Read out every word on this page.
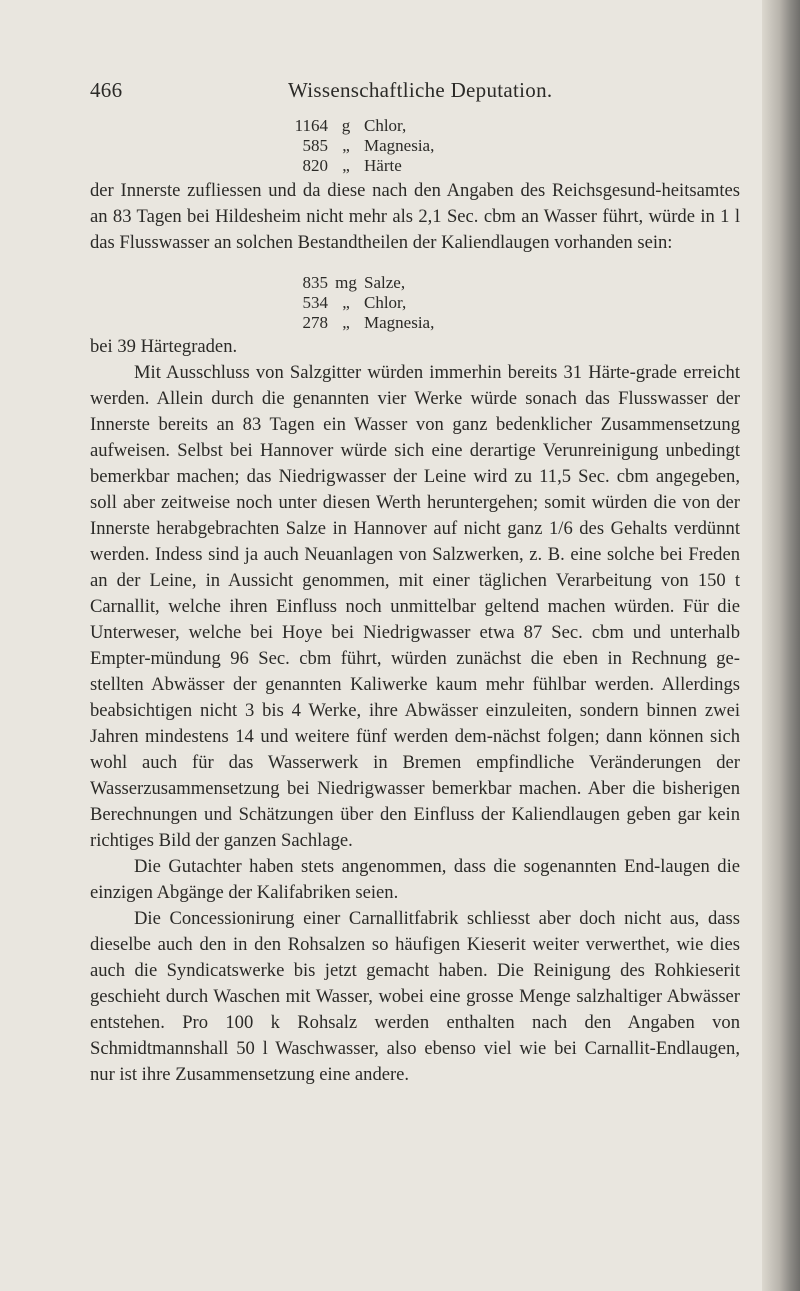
466	Wissenschaftliche Deputation.
1164 g Chlor,
585 „ Magnesia,
820 „ Härte

der Innerste zufliessen und da diese nach den Angaben des Reichsgesund-heitsamtes an 83 Tagen bei Hildesheim nicht mehr als 2,1 Sec. cbm an Wasser führt, würde in 1 l das Flusswasser an solchen Bestandtheilen der Kaliendlaugen vorhanden sein:

835 mg Salze,
534 „ Chlor,
278 „ Magnesia,

bei 39 Härtegraden.

Mit Ausschluss von Salzgitter würden immerhin bereits 31 Härte-grade erreicht werden. Allein durch die genannten vier Werke würde sonach das Flusswasser der Innerste bereits an 83 Tagen ein Wasser von ganz bedenklicher Zusammensetzung aufweisen. Selbst bei Hannover würde sich eine derartige Verunreinigung unbedingt bemerkbar machen; das Niedrigwasser der Leine wird zu 11,5 Sec. cbm angegeben, soll aber zeitweise noch unter diesen Werth heruntergehen; somit würden die von der Innerste herabgebrachten Salze in Hannover auf nicht ganz 1/6 des Gehalts verdünnt werden. Indess sind ja auch Neuanlagen von Salzwerken, z. B. eine solche bei Freden an der Leine, in Aussicht genommen, mit einer täglichen Verarbeitung von 150 t Carnallit, welche ihren Einfluss noch unmittelbar geltend machen würden. Für die Unterweser, welche bei Hoye bei Niedrigwasser etwa 87 Sec. cbm und unterhalb Empter-mündung 96 Sec. cbm führt, würden zunächst die eben in Rechnung ge-stellten Abwässer der genannten Kaliwerke kaum mehr fühlbar werden. Allerdings beabsichtigen nicht 3 bis 4 Werke, ihre Abwässer einzuleiten, sondern binnen zwei Jahren mindestens 14 und weitere fünf werden dem-nächst folgen; dann können sich wohl auch für das Wasserwerk in Bremen empfindliche Veränderungen der Wasserzusammensetzung bei Niedrigwasser bemerkbar machen. Aber die bisherigen Berechnungen und Schätzungen über den Einfluss der Kaliendlaugen geben gar kein richtiges Bild der ganzen Sachlage.

Die Gutachter haben stets angenommen, dass die sogenannten End-laugen die einzigen Abgänge der Kalifabriken seien.

Die Concessionirung einer Carnallitfabrik schliesst aber doch nicht aus, dass dieselbe auch den in den Rohsalzen so häufigen Kieserit weiter verwerthet, wie dies auch die Syndicatswerke bis jetzt gemacht haben. Die Reinigung des Rohkieserit geschieht durch Waschen mit Wasser, wobei eine grosse Menge salzhaltiger Abwässer entstehen. Pro 100 k Rohsalz werden enthalten nach den Angaben von Schmidtmannshall 50 l Waschwasser, also ebenso viel wie bei Carnallit-Endlaugen, nur ist ihre Zusammensetzung eine andere.
